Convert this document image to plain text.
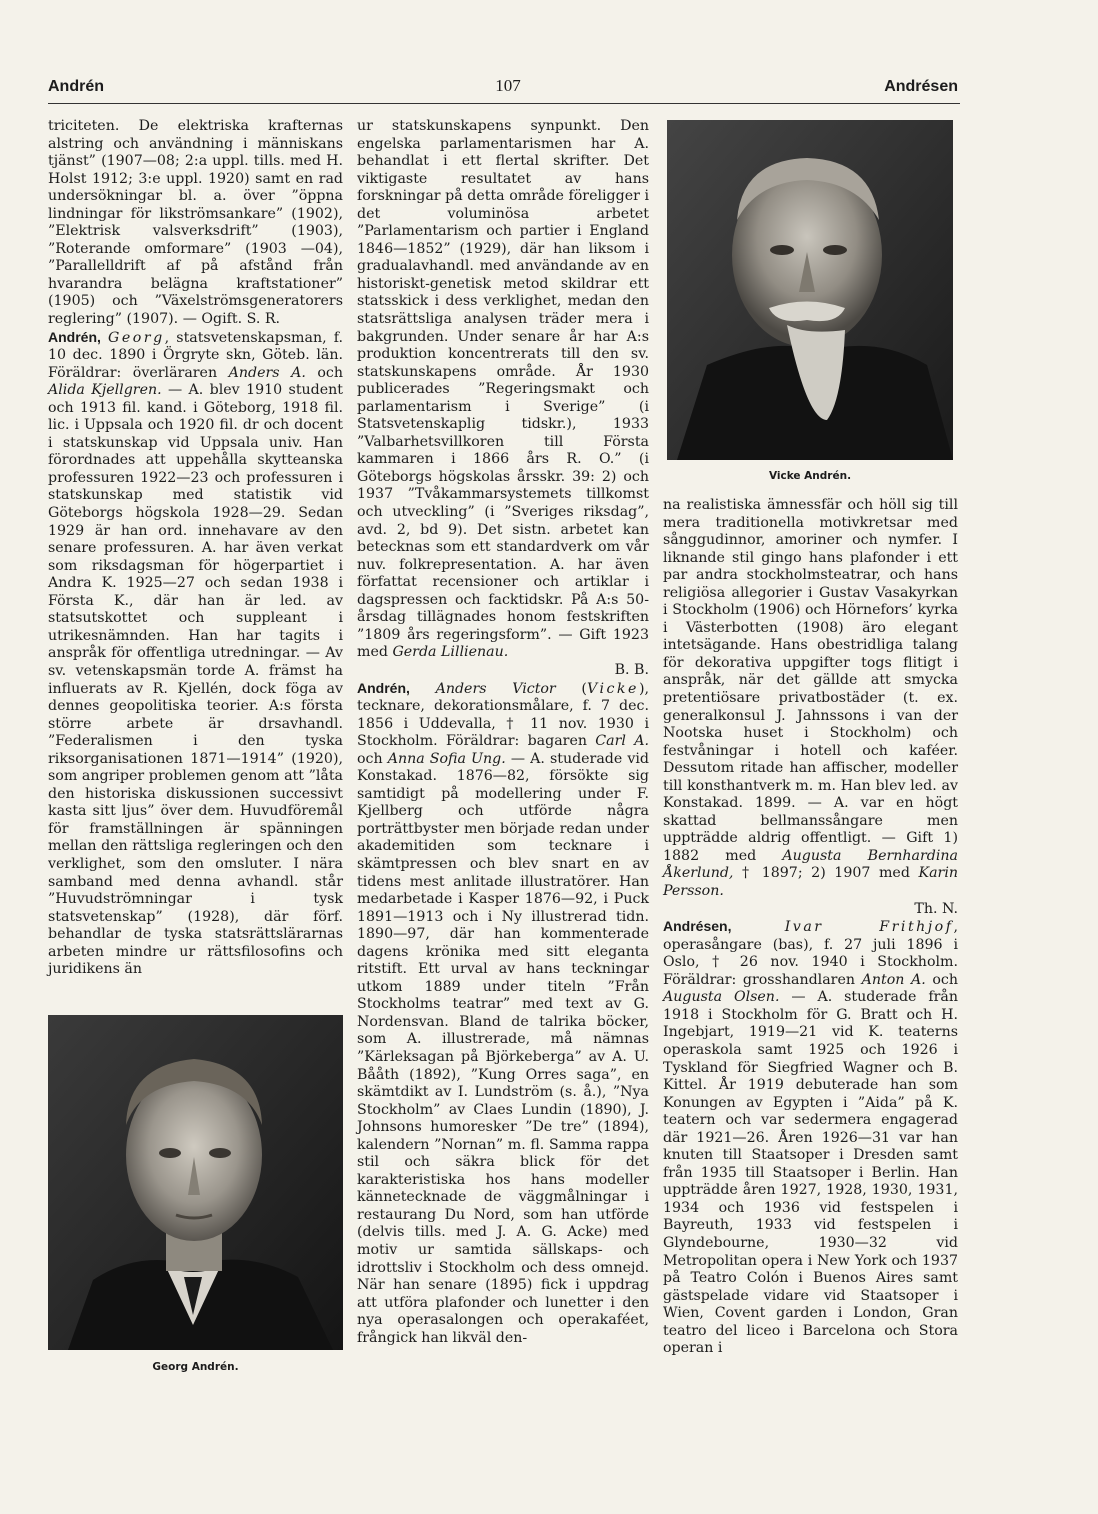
Andrén	107	Andrésen

triciteten. De elektriska krafternas alstring och användning i människans tjänst” (1907—08; 2:a uppl. tills. med H. Holst 1912; 3:e uppl. 1920) samt en rad undersökningar bl. a. över ”öppna lindningar för likströmsankare” (1902), ”Elektrisk valsverksdrift” (1903), ”Roterande omformare” (1903 —04), ”Parallelldrift af på afstånd från hvarandra belägna kraftstationer” (1905) och ”Växelströmsgeneratorers reglering” (1907). — Ogift. S. R.

Andrén, Georg, statsvetenskapsman, f. 10 dec. 1890 i Örgryte skn, Göteb. län. Föräldrar: överläraren Anders A. och Alida Kjellgren. — A. blev 1910 student och 1913 fil. kand. i Göteborg, 1918 fil. lic. i Uppsala och 1920 fil. dr och docent i statskunskap vid Uppsala univ. Han förordnades att uppehålla skytteanska professuren 1922—23 och professuren i statskunskap med statistik vid Göteborgs högskola 1928—29. Sedan 1929 är han ord. innehavare av den senare professuren. A. har även verkat som riksdagsman för högerpartiet i Andra K. 1925—27 och sedan 1938 i Första K., där han är led. av statsutskottet och suppleant i utrikesnämnden. Han har tagits i anspråk för offentliga utredningar. — Av sv. vetenskapsmän torde A. främst ha influerats av R. Kjellén, dock föga av dennes geopolitiska teorier. A:s första större arbete är drsavhandl. ”Federalismen i den tyska riksorganisationen 1871—1914” (1920), som angriper problemen genom att ”låta den historiska diskussionen successivt kasta sitt ljus” över dem. Huvudföremål för framställningen är spänningen mellan den rättsliga regleringen och den verklighet, som den omsluter. I nära samband med denna avhandl. står ”Huvudströmningar i tysk statsvetenskap” (1928), där förf. behandlar de tyska statsrättslärarnas arbeten mindre ur rättsfilosofins och juridikens än

Georg Andrén.

ur statskunskapens synpunkt. Den engelska parlamentarismen har A. behandlat i ett flertal skrifter. Det viktigaste resultatet av hans forskningar på detta område föreligger i det voluminösa arbetet ”Parlamentarism och partier i England 1846—1852” (1929), där han liksom i gradualavhandl. med användande av en historiskt-genetisk metod skildrar ett statsskick i dess verklighet, medan den statsrättsliga analysen träder mera i bakgrunden. Under senare år har A:s produktion koncentrerats till den sv. statskunskapens område. År 1930 publicerades ”Regeringsmakt och parlamentarism i Sverige” (i Statsvetenskaplig tidskr.), 1933 ”Valbarhetsvillkoren till Första kammaren i 1866 års R. O.” (i Göteborgs högskolas årsskr. 39: 2) och 1937 ”Tvåkammarsystemets tillkomst och utveckling” (i ”Sveriges riksdag”, avd. 2, bd 9). Det sistn. arbetet kan betecknas som ett standardverk om vår nuv. folkrepresentation. A. har även författat recensioner och artiklar i dagspressen och facktidskr. På A:s 50-årsdag tillägnades honom festskriften ”1809 års regeringsform”. — Gift 1923 med Gerda Lillienau.

B. B.

Andrén, Anders Victor (Vicke), tecknare, dekorationsmålare, f. 7 dec. 1856 i Uddevalla, † 11 nov. 1930 i Stockholm. Föräldrar: bagaren Carl A. och Anna Sofia Ung. — A. studerade vid Konstakad. 1876—82, försökte sig samtidigt på modellering under F. Kjellberg och utförde några porträttbyster men började redan under akademitiden som tecknare i skämtpressen och blev snart en av tidens mest anlitade illustratörer. Han medarbetade i Kasper 1876—92, i Puck 1891—1913 och i Ny illustrerad tidn. 1890—97, där han kommenterade dagens krönika med sitt eleganta ritstift. Ett urval av hans teckningar utkom 1889 under titeln ”Från Stockholms teatrar” med text av G. Nordensvan. Bland de talrika böcker, som A. illustrerade, må nämnas ”Kärleksagan på Björkeberga” av A. U. Bååth (1892), ”Kung Orres saga”, en skämtdikt av I. Lundström (s. å.), ”Nya Stockholm” av Claes Lundin (1890), J. Johnsons humoresker ”De tre” (1894), kalendern ”Nornan” m. fl. Samma rappa stil och säkra blick för det karakteristiska hos hans modeller kännetecknade de väggmålningar i restaurang Du Nord, som han utförde (delvis tills. med J. A. G. Acke) med motiv ur samtida sällskaps- och idrottsliv i Stockholm och dess omnejd. När han senare (1895) fick i uppdrag att utföra plafonder och lunetter i den nya operasalongen och operakaféet, frångick han likväl den-

Vicke Andrén.

na realistiska ämnessfär och höll sig till mera traditionella motivkretsar med sånggudinnor, amoriner och nymfer. I liknande stil gingo hans plafonder i ett par andra stockholmsteatrar, och hans religiösa allegorier i Gustav Vasakyrkan i Stockholm (1906) och Hörnefors’ kyrka i Västerbotten (1908) äro elegant intetsägande. Hans obestridliga talang för dekorativa uppgifter togs flitigt i anspråk, när det gällde att smycka pretentiösare privatbostäder (t. ex. generalkonsul J. Jahnssons i van der Nootska huset i Stockholm) och festvåningar i hotell och kaféer. Dessutom ritade han affischer, modeller till konsthantverk m. m. Han blev led. av Konstakad. 1899. — A. var en högt skattad bellmanssångare men uppträdde aldrig offentligt. — Gift 1) 1882 med Augusta Bernhardina Åkerlund, † 1897; 2) 1907 med Karin Persson.

Th. N.

Andrésen,	Ivar Frithjof, operasångare (bas), f. 27 juli 1896 i Oslo, † 26 nov. 1940 i Stockholm. Föräldrar: grosshandlaren Anton A. och Augusta Olsen. — A. studerade från 1918 i Stockholm för G. Bratt och H. Ingebjart, 1919—21 vid K. teaterns operaskola samt 1925 och 1926 i Tyskland för Siegfried Wagner och B. Kittel. År 1919 debuterade han som Konungen av Egypten i ”Aida” på K. teatern och var sedermera engagerad där 1921—26. Åren 1926—31 var han knuten till Staatsoper i Dresden samt från 1935 till Staatsoper i Berlin. Han uppträdde åren 1927, 1928, 1930, 1931, 1934 och 1936 vid festspelen i Bayreuth, 1933 vid festspelen i Glyndebourne, 1930—32 vid Metropolitan opera i New York och 1937 på Teatro Colón i Buenos Aires samt gästspelade vidare vid Staatsoper i Wien, Covent garden i London, Gran teatro del liceo i Barcelona och Stora operan i
